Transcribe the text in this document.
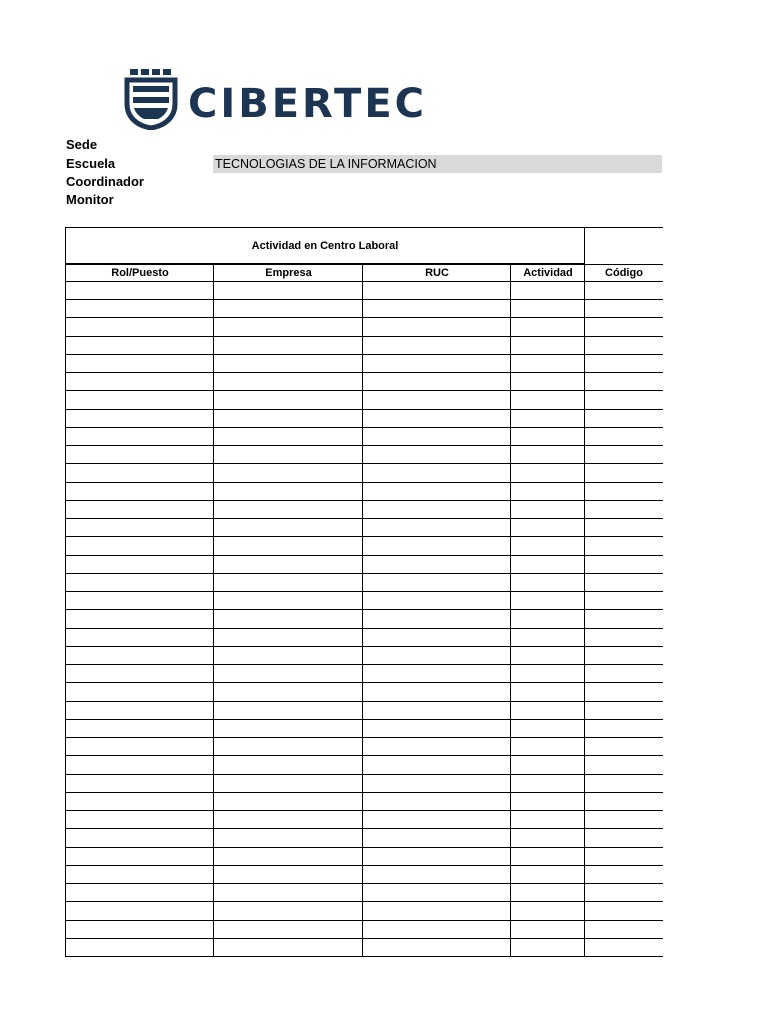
CIBERTEC
Sede
Escuela	TECNOLOGIAS DE LA INFORMACION
Coordinador
Monitor
Actividad en Centro Laboral
Rol/Puesto	Empresa	RUC	Actividad	Código
